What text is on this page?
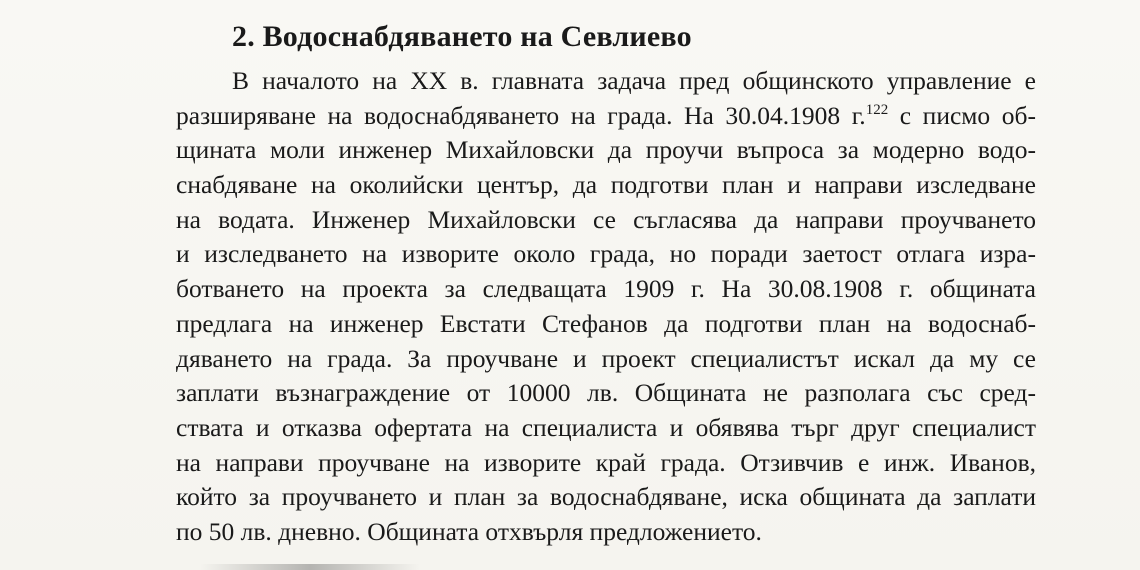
2. Водоснабдяването на Севлиево
В началото на XX в. главната задача пред общинското управление е
разширяване на водоснабдяването на града. На 30.04.1908 г.$^{122}$ с писмо об-
щината моли инженер Михайловски да проучи въпроса за модерно водо-
снабдяване на околийски център, да подготви план и направи изследване
на водата. Инженер Михайловски се съгласява да направи проучването
и изследването на изворите около града, но поради заетост отлага изра-
ботването на проекта за следващата 1909 г. На 30.08.1908 г. общината
предлага на инженер Евстати Стефанов да подготви план на водоснаб-
дяването на града. За проучване и проект специалистът искал да му се
заплати възнаграждение от 10000 лв. Общината не разполага със сред-
ствата и отказва офертата на специалиста и обявява търг друг специалист
на направи проучване на изворите край града. Отзивчив е инж. Иванов,
който за проучването и план за водоснабдяване, иска общината да заплати
по 50 лв. дневно. Общината отхвърля предложението.
